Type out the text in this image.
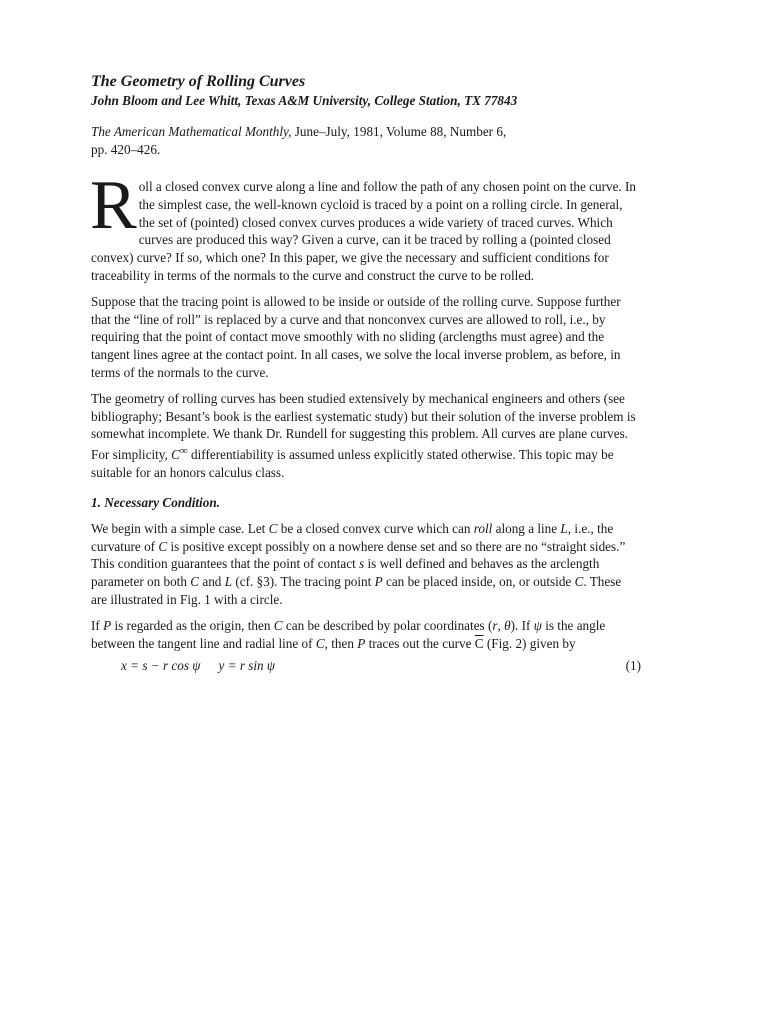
The Geometry of Rolling Curves
John Bloom and Lee Whitt, Texas A&M University, College Station, TX 77843
The American Mathematical Monthly, June–July, 1981, Volume 88, Number 6,
pp. 420–426.

Roll a closed convex curve along a line and follow the path of any chosen point on the curve. In the simplest case, the well-known cycloid is traced by a point on a rolling circle. In general, the set of (pointed) closed convex curves produces a wide variety of traced curves. Which curves are produced this way? Given a curve, can it be traced by rolling a (pointed closed convex) curve? If so, which one? In this paper, we give the necessary and sufficient conditions for traceability in terms of the normals to the curve and construct the curve to be rolled.

Suppose that the tracing point is allowed to be inside or outside of the rolling curve. Suppose further that the “line of roll” is replaced by a curve and that nonconvex curves are allowed to roll, i.e., by requiring that the point of contact move smoothly with no sliding (arclengths must agree) and the tangent lines agree at the contact point. In all cases, we solve the local inverse problem, as before, in terms of the normals to the curve.

The geometry of rolling curves has been studied extensively by mechanical engineers and others (see bibliography; Besant’s book is the earliest systematic study) but their solution of the inverse problem is somewhat incomplete. We thank Dr. Rundell for suggesting this problem. All curves are plane curves. For simplicity, C∞ differentiability is assumed unless explicitly stated otherwise. This topic may be suitable for an honors calculus class.

1. Necessary Condition.

We begin with a simple case. Let C be a closed convex curve which can roll along a line L, i.e., the curvature of C is positive except possibly on a nowhere dense set and so there are no “straight sides.” This condition guarantees that the point of contact s is well defined and behaves as the arclength parameter on both C and L (cf. §3). The tracing point P can be placed inside, on, or outside C. These are illustrated in Fig. 1 with a circle.

If P is regarded as the origin, then C can be described by polar coordinates (r, θ). If ψ is the angle between the tangent line and radial line of C, then P traces out the curve $\overline{C}$ (Fig. 2) given by

x = s − r cos ψ y = r sin ψ	(1)
